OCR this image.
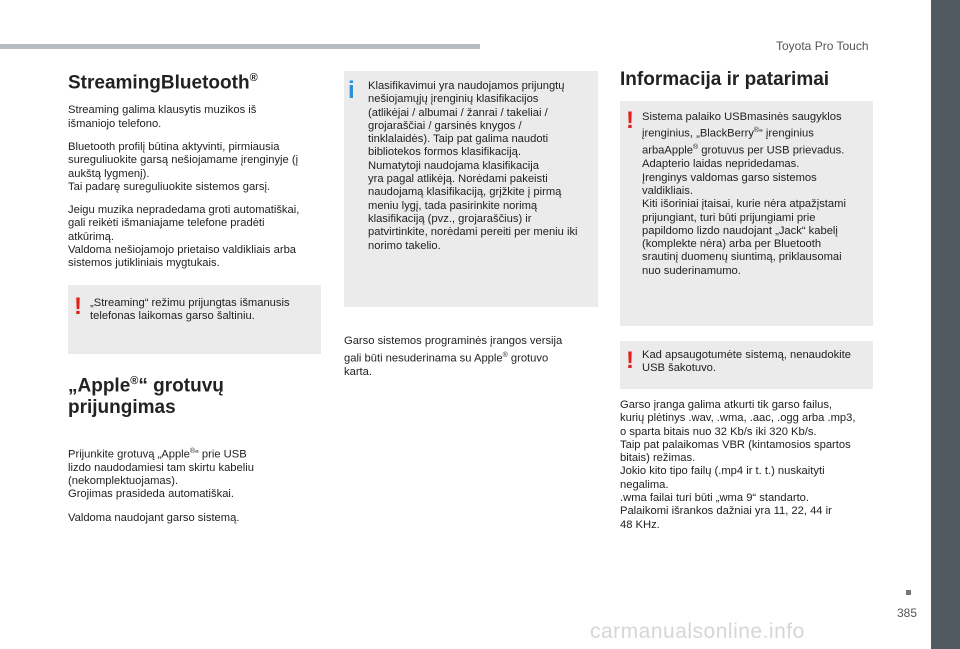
Toyota Pro Touch
StreamingBluetooth®

Streaming galima klausytis muzikos iš
išmaniojo telefono.

Bluetooth profilį būtina aktyvinti, pirmiausia
sureguliuokite garsą nešiojamame įrenginyje (į
aukštą lygmenį).
Tai padarę sureguliuokite sistemos garsį.

Jeigu muzika nepradedama groti automatiškai,
gali reikėti išmaniajame telefone pradėti
atkūrimą.
Valdoma nešiojamojo prietaiso valdikliais arba
sistemos jutikliniais mygtukais.

! „Streaming“ režimu prijungtas išmanusis
telefonas laikomas garso šaltiniu.

„Apple®“ grotuvų
prijungimas

Prijunkite grotuvą „Apple®“ prie USB
lizdo naudodamiesi tam skirtu kabeliu
(nekomplektuojamas).
Grojimas prasideda automatiškai.

Valdoma naudojant garso sistemą.

i Klasifikavimui yra naudojamos prijungtų
nešiojamųjų įrenginių klasifikacijos
(atlikėjai / albumai / žanrai / takeliai /
grojaraščiai / garsinės knygos /
tinklalaidės). Taip pat galima naudoti
bibliotekos formos klasifikaciją.
Numatytoji naudojama klasifikacija
yra pagal atlikėją. Norėdami pakeisti
naudojamą klasifikaciją, grįžkite į pirmą
meniu lygį, tada pasirinkite norimą
klasifikaciją (pvz., grojaraščius) ir
patvirtinkite, norėdami pereiti per meniu iki
norimo takelio.

Garso sistemos programinės įrangos versija
gali būti nesuderinama su Apple® grotuvo
karta.

Informacija ir patarimai
! Sistema palaiko USBmasinės saugyklos
įrenginius, „BlackBerry®“ įrenginius
arbaApple® grotuvus per USB prievadus.
Adapterio laidas nepridedamas.
Įrenginys valdomas garso sistemos
valdikliais.
Kiti išoriniai įtaisai, kurie nėra atpažįstami
prijungiant, turi būti prijungiami prie
papildomo lizdo naudojant „Jack“ kabelį
(komplekte nėra) arba per Bluetooth
srautinį duomenų siuntimą, priklausomai
nuo suderinamumo.

! Kad apsaugotumėte sistemą, nenaudokite
USB šakotuvo.

Garso įranga galima atkurti tik garso failus,
kurių plėtinys .wav, .wma, .aac, .ogg arba .mp3,
o sparta bitais nuo 32 Kb/s iki 320 Kb/s.
Taip pat palaikomas VBR (kintamosios spartos
bitais) režimas.
Jokio kito tipo failų (.mp4 ir t. t.) nuskaityti
negalima.
.wma failai turi būti „wma 9“ standarto.
Palaikomi išrankos dažniai yra 11, 22, 44 ir
48 KHz.

385
carmanualsonline.info
